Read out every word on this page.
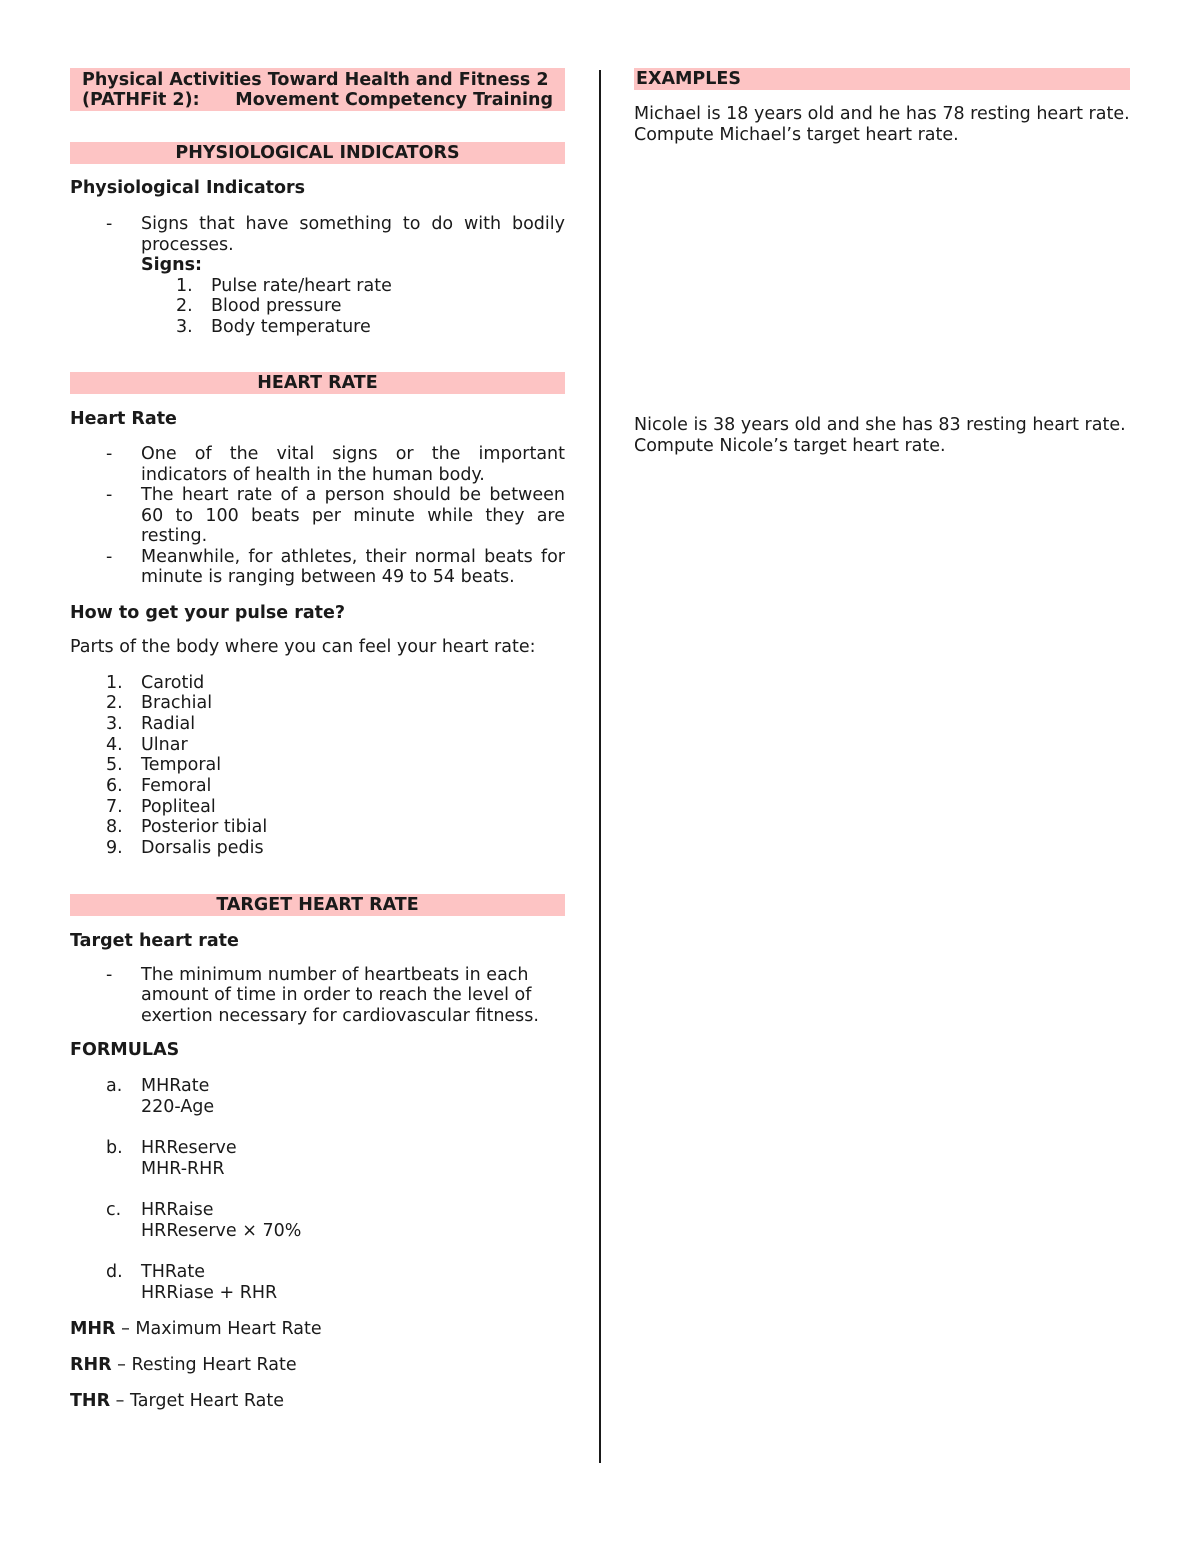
Physical Activities Toward Health and Fitness 2
(PATHFit 2): Movement Competency Training
PHYSIOLOGICAL INDICATORS
Physiological Indicators
- Signs that have something to do with bodily processes.
Signs:
1. Pulse rate/heart rate
2. Blood pressure
3. Body temperature
HEART RATE
Heart Rate
- One of the vital signs or the important indicators of health in the human body.
- The heart rate of a person should be between 60 to 100 beats per minute while they are resting.
- Meanwhile, for athletes, their normal beats for minute is ranging between 49 to 54 beats.
How to get your pulse rate?

Parts of the body where you can feel your heart rate:

1. Carotid
2. Brachial
3. Radial
4. Ulnar
5. Temporal
6. Femoral
7. Popliteal
8. Posterior tibial
9. Dorsalis pedis
TARGET HEART RATE
Target heart rate
- The minimum number of heartbeats in each amount of time in order to reach the level of exertion necessary for cardiovascular fitness.
FORMULAS
a. MHRate
220-Age
b. HRReserve
MHR-RHR
c. HRRaise
HRReserve × 70%
d. THRate
HRRiase + RHR

MHR – Maximum Heart Rate

RHR – Resting Heart Rate

THR – Target Heart Rate

EXAMPLES

Michael is 18 years old and he has 78 resting heart rate. Compute Michael’s target heart rate.

Nicole is 38 years old and she has 83 resting heart rate. Compute Nicole’s target heart rate.
